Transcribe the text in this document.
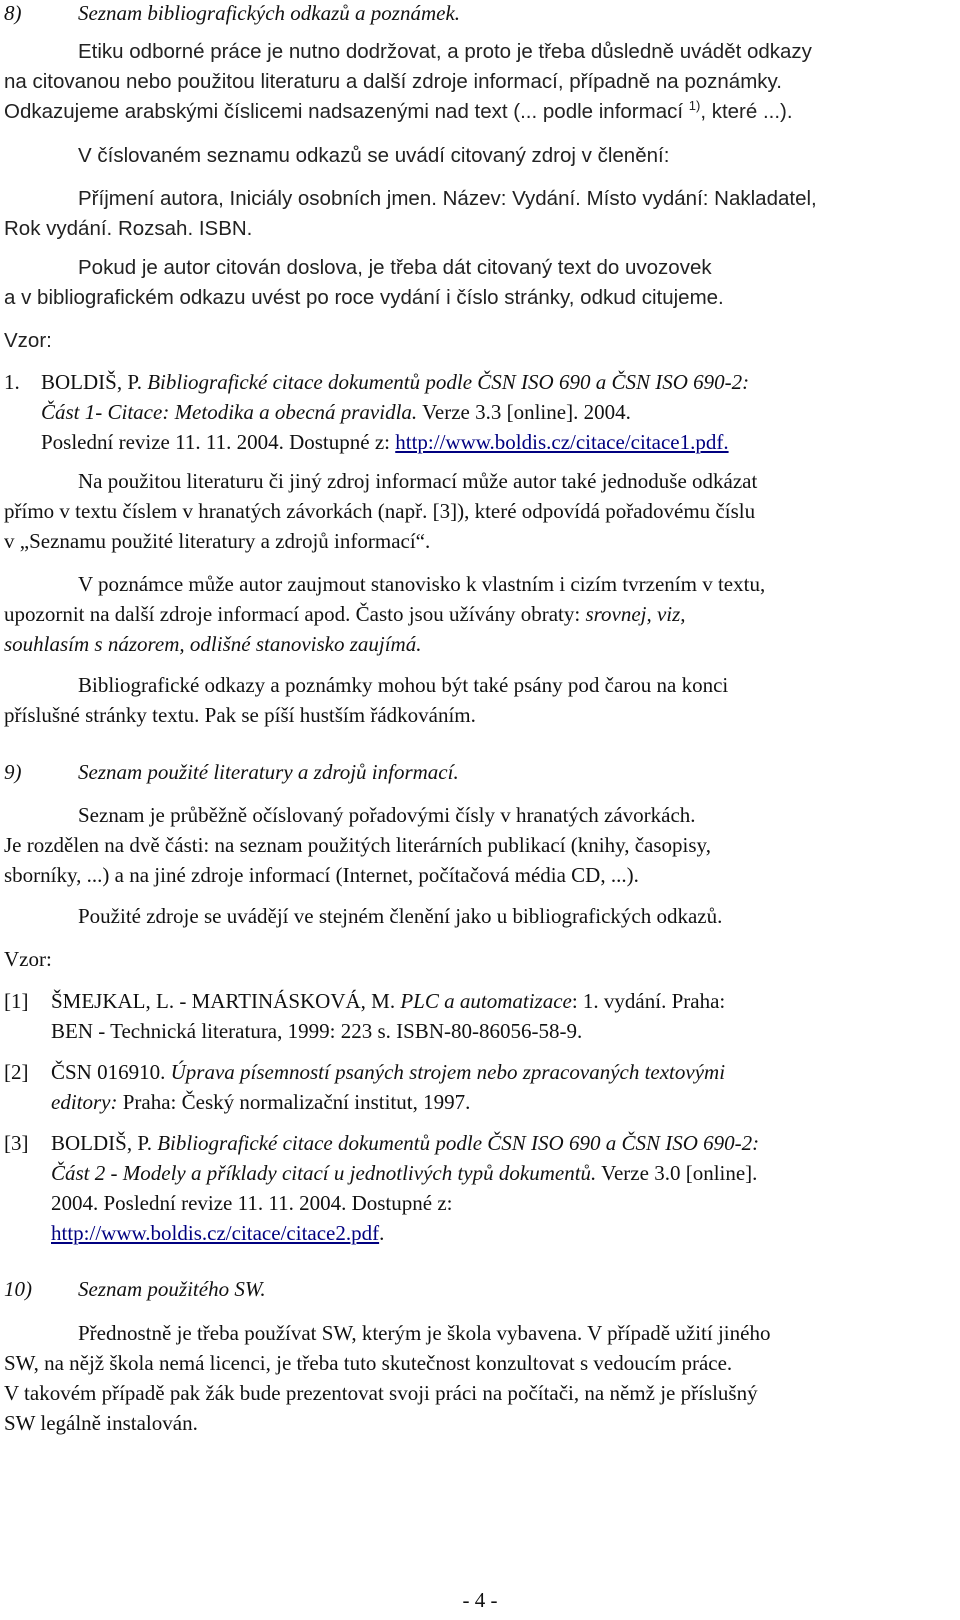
8)	Seznam bibliografických odkazů a poznámek.
Etiku odborné práce je nutno dodržovat, a proto je třeba důsledně uvádět odkazy
na citovanou nebo použitou literaturu a další zdroje informací, případně na poznámky.
Odkazujeme arabskými číslicemi nadsazenými nad text (... podle informací $^{1)}$, které ...).
V číslovaném seznamu odkazů se uvádí citovaný zdroj v členění:
Příjmení autora, Iniciály osobních jmen. Název: Vydání. Místo vydání: Nakladatel,
Rok vydání. Rozsah. ISBN.
Pokud je autor citován doslova, je třeba dát citovaný text do uvozovek
a v bibliografickém odkazu uvést po roce vydání i číslo stránky, odkud citujeme.
Vzor:
1.	BOLDIŠ, P. Bibliografické citace dokumentů podle ČSN ISO 690 a ČSN ISO 690-2:
Část 1- Citace: Metodika a obecná pravidla. Verze 3.3 [online]. 2004.
Poslední revize 11. 11. 2004. Dostupné z: http://www.boldis.cz/citace/citace1.pdf.
Na použitou literaturu či jiný zdroj informací může autor také jednoduše odkázat
přímo v textu číslem v hranatých závorkách (např. [3]), které odpovídá pořadovému číslu
v „Seznamu použité literatury a zdrojů informací“.
V poznámce může autor zaujmout stanovisko k vlastním i cizím tvrzením v textu,
upozornit na další zdroje informací apod. Často jsou užívány obraty: srovnej, viz,
souhlasím s názorem, odlišné stanovisko zaujímá.
Bibliografické odkazy a poznámky mohou být také psány pod čarou na konci
příslušné stránky textu. Pak se píší hustším řádkováním.
9)	Seznam použité literatury a zdrojů informací.
Seznam je průběžně očíslovaný pořadovými čísly v hranatých závorkách.
Je rozdělen na dvě části: na seznam použitých literárních publikací (knihy, časopisy,
sborníky, ...) a na jiné zdroje informací (Internet, počítačová média CD, ...).
Použité zdroje se uvádějí ve stejném členění jako u bibliografických odkazů.
Vzor:
[1]	ŠMEJKAL, L. - MARTINÁSKOVÁ, M. PLC a automatizace: 1. vydání. Praha:
BEN - Technická literatura, 1999: 223 s. ISBN-80-86056-58-9.
[2]	ČSN 016910. Úprava písemností psaných strojem nebo zpracovaných textovými
editory: Praha: Český normalizační institut, 1997.
[3]	BOLDIŠ, P. Bibliografické citace dokumentů podle ČSN ISO 690 a ČSN ISO 690-2:
Část 2 - Modely a příklady citací u jednotlivých typů dokumentů. Verze 3.0 [online].
2004. Poslední revize 11. 11. 2004. Dostupné z:
http://www.boldis.cz/citace/citace2.pdf.
10)	Seznam použitého SW.
Přednostně je třeba používat SW, kterým je škola vybavena. V případě užití jiného
SW, na nějž škola nemá licenci, je třeba tuto skutečnost konzultovat s vedoucím práce.
V takovém případě pak žák bude prezentovat svoji práci na počítači, na němž je příslušný
SW legálně instalován.
- 4 -
